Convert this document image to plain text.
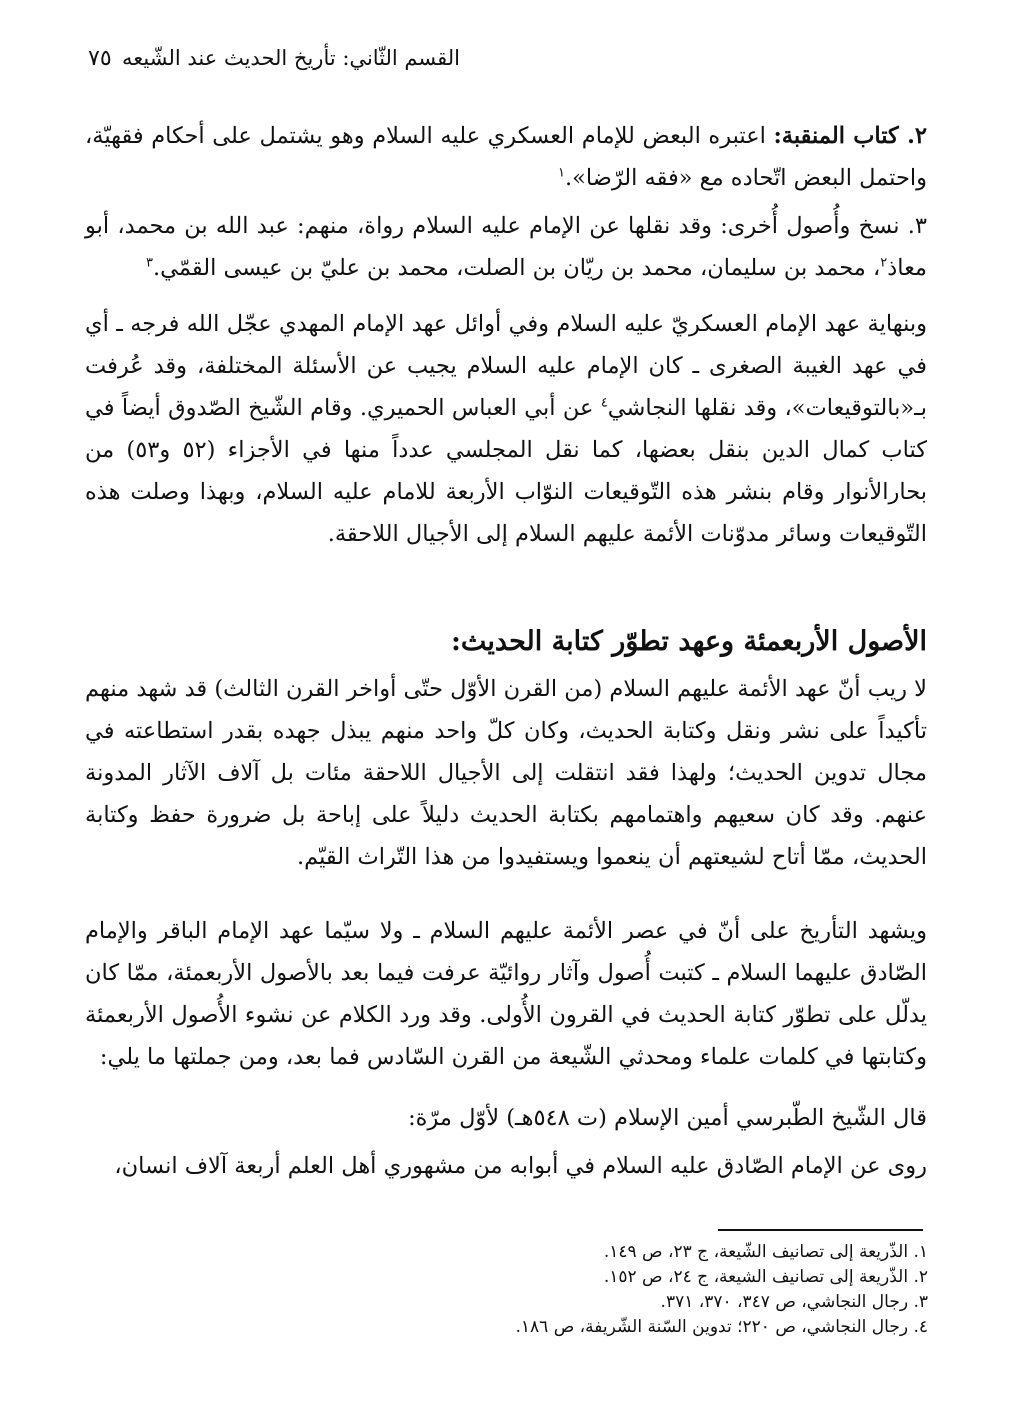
القسم الثّاني: تأريخ الحديث عند الشّيعه
٧٥
٢. كتاب المنقبة: اعتبره البعض للإمام العسكري عليه السلام وهو يشتمل على أحكام فقهيّة، واحتمل البعض اتّحاده مع «فقه الرّضا».$^١$
٣. نسخ وأُصول أُخرى: وقد نقلها عن الإمام عليه السلام رواة، منهم: عبد الله بن محمد، أبو معاذ$^٢$، محمد بن سليمان، محمد بن ريّان بن الصلت، محمد بن عليّ بن عيسى القمّي.$^٣$
وبنهاية عهد الإمام العسكريّ عليه السلام وفي أوائل عهد الإمام المهدي عجّل الله فرجه ـ أي في عهد الغيبة الصغرى ـ كان الإمام عليه السلام يجيب عن الأسئلة المختلفة، وقد عُرفت بـ«بالتوقيعات»، وقد نقلها النجاشي$^٤$ عن أبي العباس الحميري. وقام الشّيخ الصّدوق أيضاً في كتاب كمال الدين بنقل بعضها، كما نقل المجلسي عدداً منها في الأجزاء (٥٢ و٥٣) من بحارالأنوار وقام بنشر هذه التّوقيعات النوّاب الأربعة للامام عليه السلام، وبهذا وصلت هذه التّوقيعات وسائر مدوّنات الأئمة عليهم السلام إلى الأجيال اللاحقة.
الأصول الأربعمئة وعهد تطوّر كتابة الحديث:
لا ريب أنّ عهد الأئمة عليهم السلام (من القرن الأوّل حتّى أواخر القرن الثالث) قد شهد منهم تأكيداً على نشر ونقل وكتابة الحديث، وكان كلّ واحد منهم يبذل جهده بقدر استطاعته في مجال تدوين الحديث؛ ولهذا فقد انتقلت إلى الأجيال اللاحقة مئات بل آلاف الآثار المدونة عنهم. وقد كان سعيهم واهتمامهم بكتابة الحديث دليلاً على إباحة بل ضرورة حفظ وكتابة الحديث، ممّا أتاح لشيعتهم أن ينعموا ويستفيدوا من هذا التّراث القيّم.
ويشهد التأريخ على أنّ في عصر الأئمة عليهم السلام ـ ولا سيّما عهد الإمام الباقر والإمام الصّادق عليهما السلام ـ كتبت أُصول وآثار روائيّة عرفت فيما بعد بالأصول الأربعمئة، ممّا كان يدلّل على تطوّر كتابة الحديث في القرون الأُولى. وقد ورد الكلام عن نشوء الأُصول الأربعمئة وكتابتها في كلمات علماء ومحدثي الشّيعة من القرن السّادس فما بعد، ومن جملتها ما يلي:
قال الشّيخ الطّبرسي أمين الإسلام (ت ٥٤٨هـ) لأوّل مرّة:
روى عن الإمام الصّادق عليه السلام في أبوابه من مشهوري أهل العلم أربعة آلاف انسان،
١. الذّريعة إلى تصانيف الشّيعة، ج ٢٣، ص ١٤٩.
٢. الذّريعة إلى تصانيف الشيعة، ج ٢٤، ص ١٥٢.
٣. رجال النجاشي، ص ٣٤٧، ٣٧٠، ٣٧١.
٤. رجال النجاشي، ص ٢٢٠؛ تدوين السّنة الشّريفة، ص ١٨٦.
